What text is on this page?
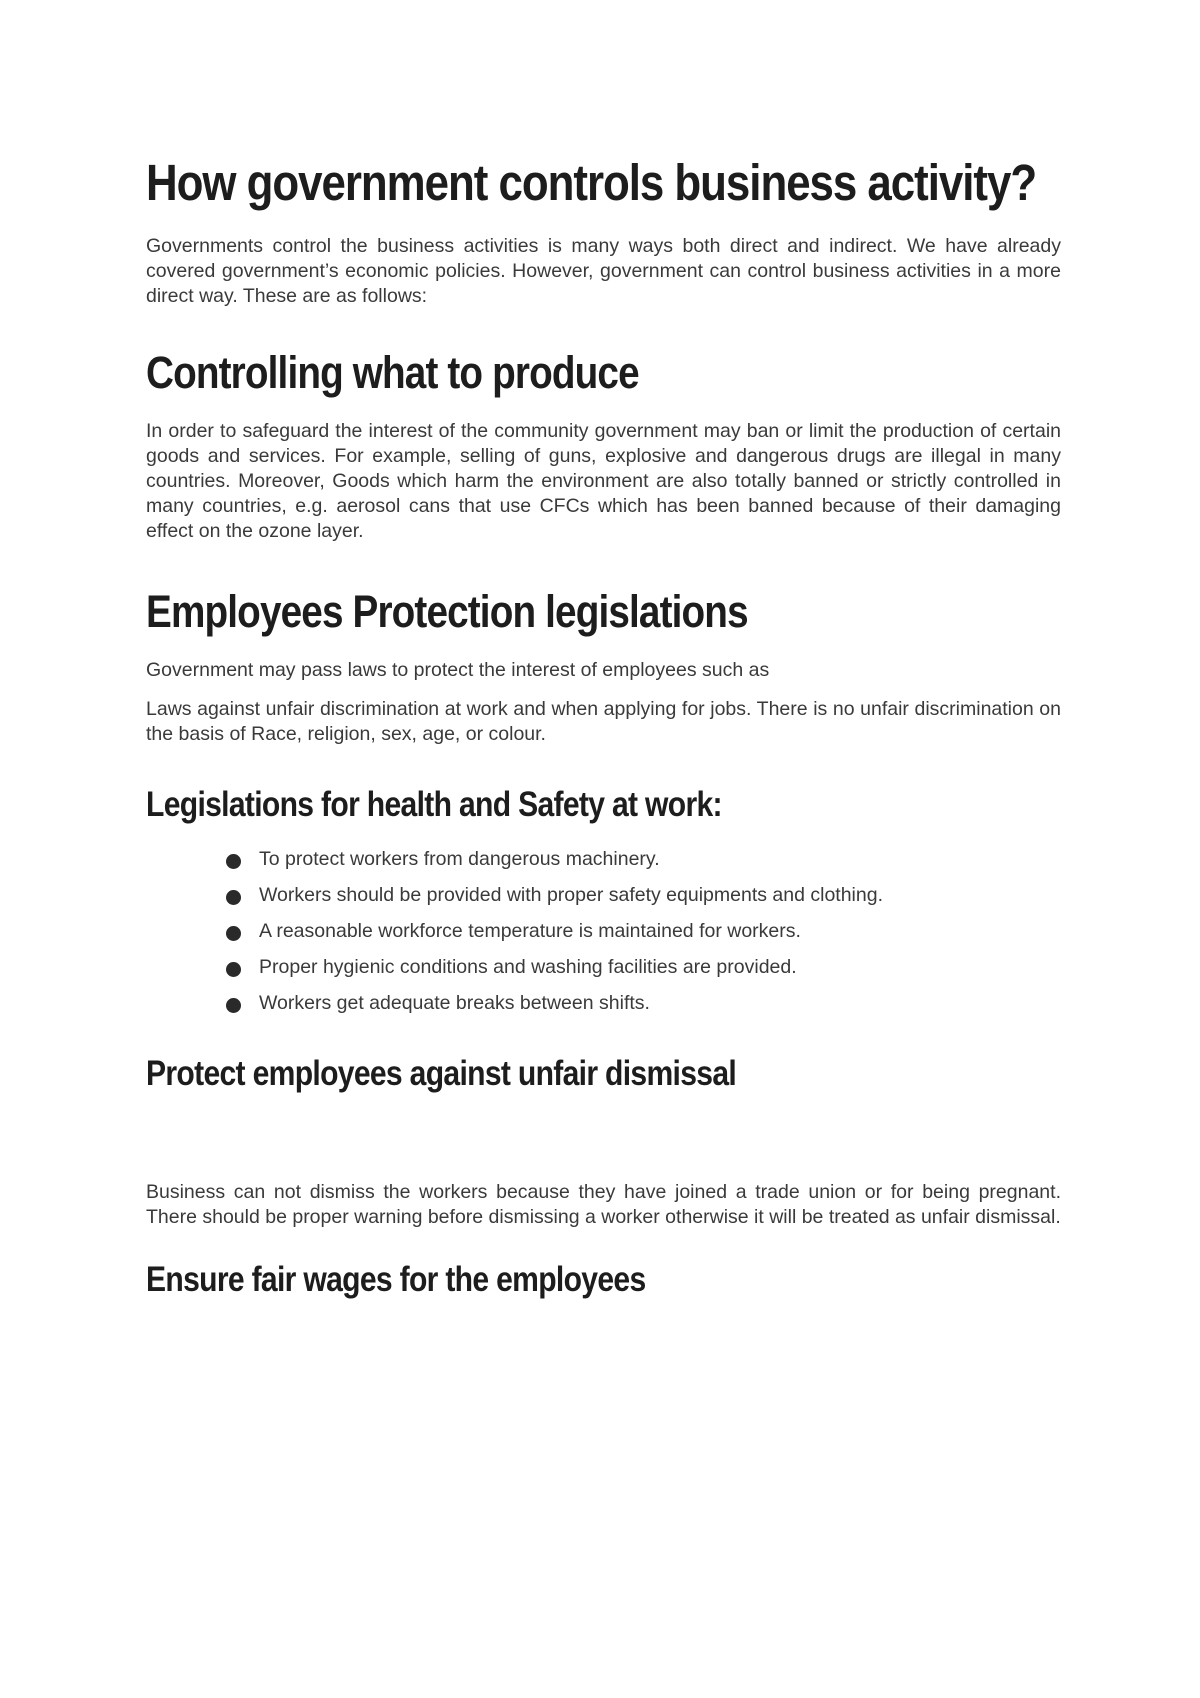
How government controls business activity?

Governments control the business activities is many ways both direct and indirect. We have already covered government’s economic policies. However, government can control business activities in a more direct way. These are as follows:

Controlling what to produce

In order to safeguard the interest of the community government may ban or limit the production of certain goods and services. For example, selling of guns, explosive and dangerous drugs are illegal in many countries. Moreover, Goods which harm the environment are also totally banned or strictly controlled in many countries, e.g. aerosol cans that use CFCs which has been banned because of their damaging effect on the ozone layer.

Employees Protection legislations

Government may pass laws to protect the interest of employees such as

Laws against unfair discrimination at work and when applying for jobs. There is no unfair discrimination on the basis of Race, religion, sex, age, or colour.

Legislations for health and Safety at work:
To protect workers from dangerous machinery.
Workers should be provided with proper safety equipments and clothing.
A reasonable workforce temperature is maintained for workers.
Proper hygienic conditions and washing facilities are provided.
Workers get adequate breaks between shifts.
Protect employees against unfair dismissal

Business can not dismiss the workers because they have joined a trade union or for being pregnant. There should be proper warning before dismissing a worker otherwise it will be treated as unfair dismissal.

Ensure fair wages for the employees
